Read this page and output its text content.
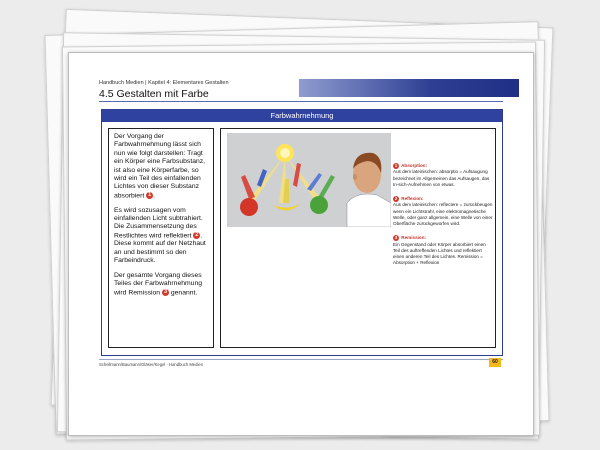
Handbuch Medien | Kapitel 4: Elementares Gestalten
4.5 Gestalten mit Farbe
Farbwahrnehmung

Der Vorgang der Farbwahrnehmung lässt sich nun wie folgt darstellen: Tragt ein Körper eine Farbsubstanz, ist also eine Körperfarbe, so wird ein Teil des einfallenden Lichtes von dieser Substanz absorbiert 1 .

Es wird sozusagen vom einfallenden Licht subtrahiert. Die Zusammensetzung des Restlichtes wird reflektiert 2 . Diese kommt auf der Netzhaut an und bestimmt so den Farbeindruck.

Der gesamte Vorgang dieses Teiles der Farbwahrnehmung wird Remission 3 genannt.

1 Absorption:
Aus dem lateinischen: absorptio = Aufsaugung bezeichnet im Allgemeinen das Aufsaugen, das In-sich-Aufnehmen von etwas.
2 Reflexion:
Aus dem lateinischen: reflectere = zurückbeugen wenn ein Lichtstrahl, eine elektromagnetische Welle, oder ganz allgemein, eine Welle von einer Oberfläche zurückgeworfen wird.
3 Remission:
Ein Gegenstand oder Körper absorbiert einen Teil des auftreffenden Lichtes und reflektiert einen anderen Teil des Lichtes. Remission = Absorption + Reflexion
Schellmann/Baumann/Gläser/Kegel · Handbuch Medien	60
